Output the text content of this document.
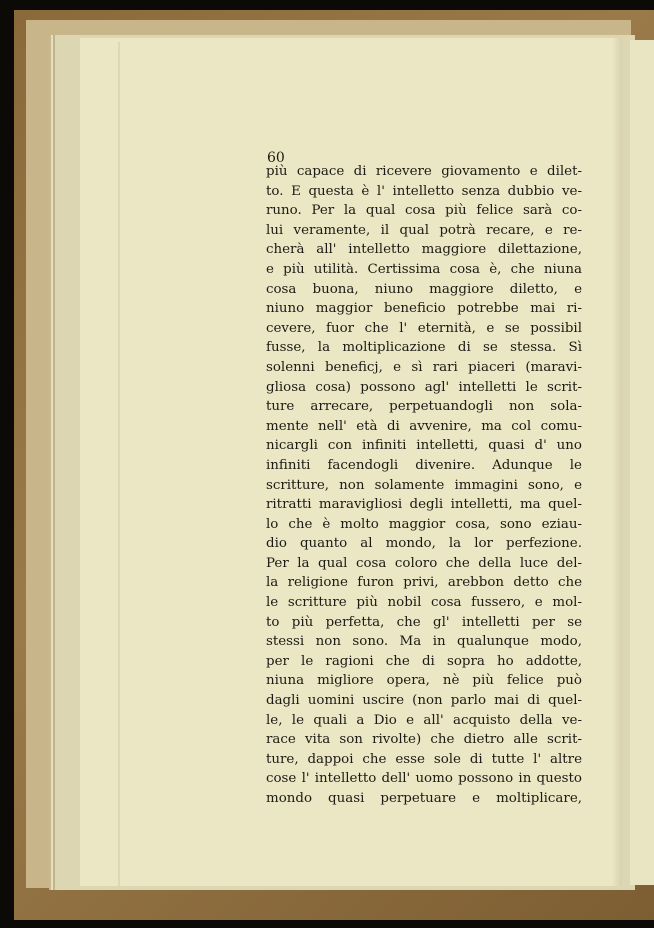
60
più capace di ricevere giovamento e dilet-
to. E questa è l' intelletto senza dubbio ve-
runo. Per la qual cosa più felice sarà co-
lui veramente, il qual potrà recare, e re-
cherà all' intelletto maggiore dilettazione,
e più utilità. Certissima cosa è, che niuna
cosa buona, niuno maggiore diletto, e
niuno maggior beneficio potrebbe mai ri-
cevere, fuor che l' eternità, e se possibil
fusse, la moltiplicazione di se stessa. Sì
solenni beneficj, e sì rari piaceri (maravi-
gliosa cosa) possono agl' intelletti le scrit-
ture arrecare, perpetuandogli non sola-
mente nell' età di avvenire, ma col comu-
nicargli con infiniti intelletti, quasi d' uno
infiniti facendogli divenire. Adunque le
scritture, non solamente immagini sono, e
ritratti maravigliosi degli intelletti, ma quel-
lo che è molto maggior cosa, sono eziau-
dio quanto al mondo, la lor perfezione.
Per la qual cosa coloro che della luce del-
la religione furon privi, arebbon detto che
le scritture più nobil cosa fussero, e mol-
to più perfetta, che gl' intelletti per se
stessi non sono. Ma in qualunque modo,
per le ragioni che di sopra ho addotte,
niuna migliore opera, nè più felice può
dagli uomini uscire (non parlo mai di quel-
le, le quali a Dio e all' acquisto della ve-
race vita son rivolte) che dietro alle scrit-
ture, dappoi che esse sole di tutte l' altre
cose l' intelletto dell' uomo possono in questo
mondo quasi perpetuare e moltiplicare,
